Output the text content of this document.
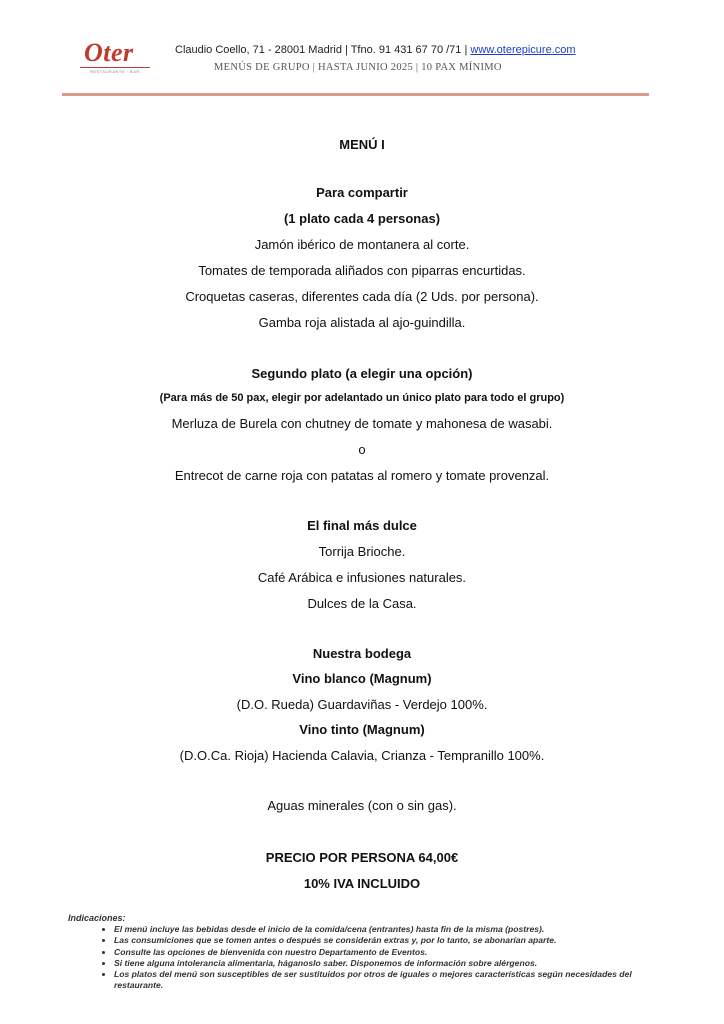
Oter
RESTAURANTE · BAR
Claudio Coello, 71 - 28001 Madrid | Tfno. 91 431 67 70 /71 | www.oterepicure.com
MENÚS DE GRUPO | HASTA JUNIO 2025 | 10 PAX MÍNIMO
MENÚ I
Para compartir
(1 plato cada 4 personas)
Jamón ibérico de montanera al corte.
Tomates de temporada aliñados con piparras encurtidas.
Croquetas caseras, diferentes cada día (2 Uds. por persona).
Gamba roja alistada al ajo-guindilla.
Segundo plato (a elegir una opción)
(Para más de 50 pax, elegir por adelantado un único plato para todo el grupo)
Merluza de Burela con chutney de tomate y mahonesa de wasabi.
o
Entrecot de carne roja con patatas al romero y tomate provenzal.
El final más dulce
Torrija Brioche.
Café Arábica e infusiones naturales.
Dulces de la Casa.
Nuestra bodega
Vino blanco (Magnum)
(D.O. Rueda) Guardaviñas - Verdejo 100%.
Vino tinto (Magnum)
(D.O.Ca. Rioja) Hacienda Calavia, Crianza - Tempranillo 100%.
Aguas minerales (con o sin gas).
PRECIO POR PERSONA 64,00€
10% IVA INCLUIDO
Indicaciones:
• El menú incluye las bebidas desde el inicio de la comida/cena (entrantes) hasta fin de la misma (postres).
• Las consumiciones que se tomen antes o después se considerán extras y, por lo tanto, se abonarían aparte.
• Consulte las opciones de bienvenida con nuestro Departamento de Eventos.
• Si tiene alguna intolerancia alimentaria, háganoslo saber. Disponemos de información sobre alérgenos.
• Los platos del menú son susceptibles de ser sustituidos por otros de iguales o mejores características según necesidades del restaurante.
